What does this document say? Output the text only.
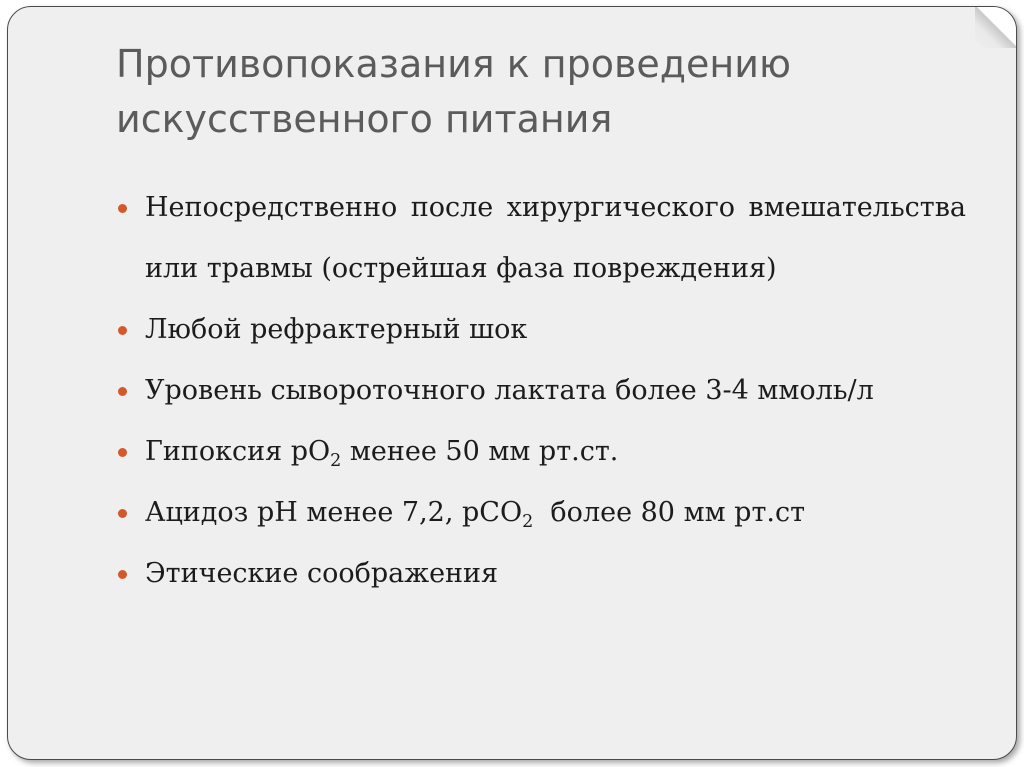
Противопоказания к проведению
искусственного питания
Непосредственно после хирургического вмешательства или травмы (острейшая фаза повреждения)
Любой рефрактерный шок
Уровень сывороточного лактата более 3-4 ммоль/л
Гипоксия $рО_2$ менее 50 мм рт.ст.
Ацидоз рН менее 7,2, рСО$_2$  более 80 мм рт.ст
Этические соображения
